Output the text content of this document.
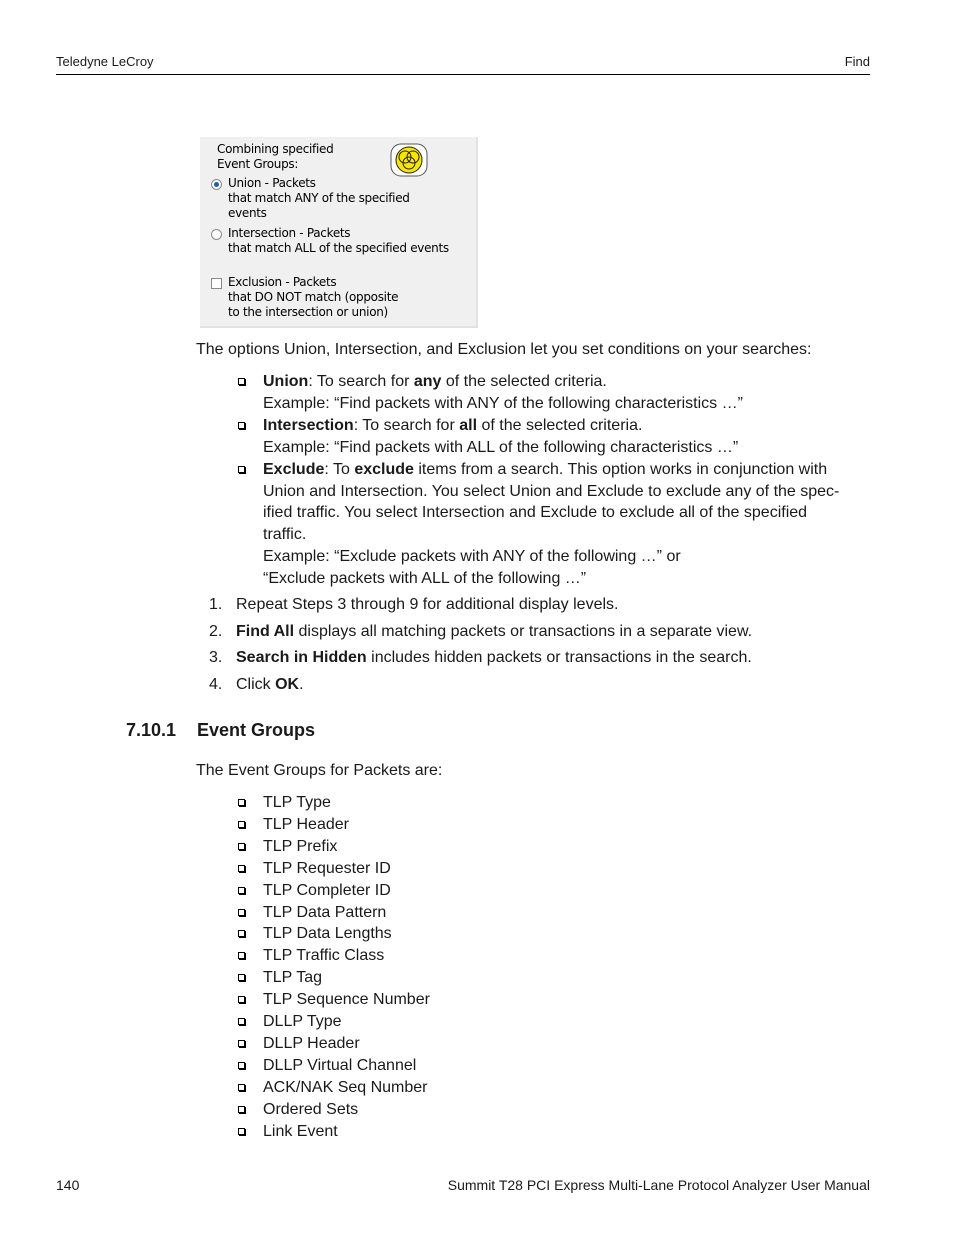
Teledyne LeCroy	Find
Combining specified
Event Groups:
Union - Packets
that match ANY of the specified
events
Intersection - Packets
that match ALL of the specified events
Exclusion - Packets
that DO NOT match (opposite
to the intersection or union)
The options Union, Intersection, and Exclusion let you set conditions on your searches:
Union: To search for any of the selected criteria.
Example: “Find packets with ANY of the following characteristics …”
Intersection: To search for all of the selected criteria.
Example: “Find packets with ALL of the following characteristics …”
Exclude: To exclude items from a search. This option works in conjunction with
Union and Intersection. You select Union and Exclude to exclude any of the spec-
ified traffic. You select Intersection and Exclude to exclude all of the specified
traffic.
Example: “Exclude packets with ANY of the following …” or
“Exclude packets with ALL of the following …”
1. Repeat Steps 3 through 9 for additional display levels.
2. Find All displays all matching packets or transactions in a separate view.
3. Search in Hidden includes hidden packets or transactions in the search.
4. Click OK.
7.10.1 Event Groups
The Event Groups for Packets are:
TLP Type
TLP Header
TLP Prefix
TLP Requester ID
TLP Completer ID
TLP Data Pattern
TLP Data Lengths
TLP Traffic Class
TLP Tag
TLP Sequence Number
DLLP Type
DLLP Header
DLLP Virtual Channel
ACK/NAK Seq Number
Ordered Sets
Link Event
140	Summit T28 PCI Express Multi-Lane Protocol Analyzer User Manual
